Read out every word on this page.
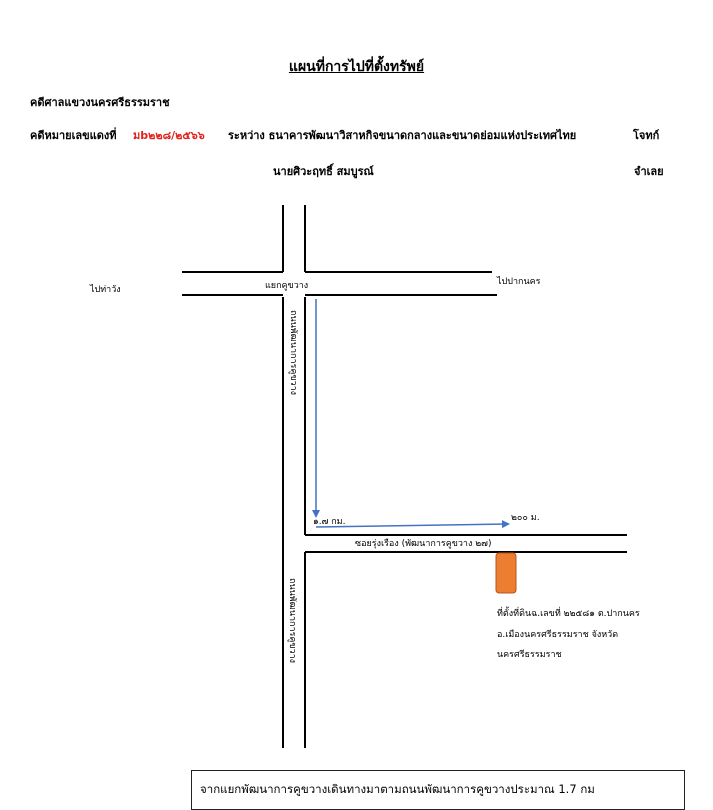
แผนที่การไปที่ตั้งทรัพย์
คดีศาลแขวงนครศรีธรรมราช
คดีหมายเลขแดงที่ มb๒๒๘/๒๕๖๖ ระหว่าง ธนาคารพัฒนาวิสาหกิจขนาดกลางและขนาดย่อมแห่งประเทศไทย	โจทก์
นายศิวะฤทธิ์ สมบูรณ์	จำเลย
ไปท่าวัง
ไปปากนคร
แยกคูขวาง
ถนนพัฒนาการคูขวาง
ถนนพัฒนาการคูขวาง
๑.๗ กม.	๒๐๐ ม.
ซอยรุ่งเรือง (พัฒนาการคูขวาง ๒๗)
ที่ตั้งที่ดินฉ.เลขที่ ๒๒๕๘๑ ต.ปากนคร
อ.เมืองนครศรีธรรมราช จังหวัด
นครศรีธรรมราช
จากแยกพัฒนาการคูขวางเดินทางมาตามถนนพัฒนาการคูขวางประมาณ 1.7 กม
